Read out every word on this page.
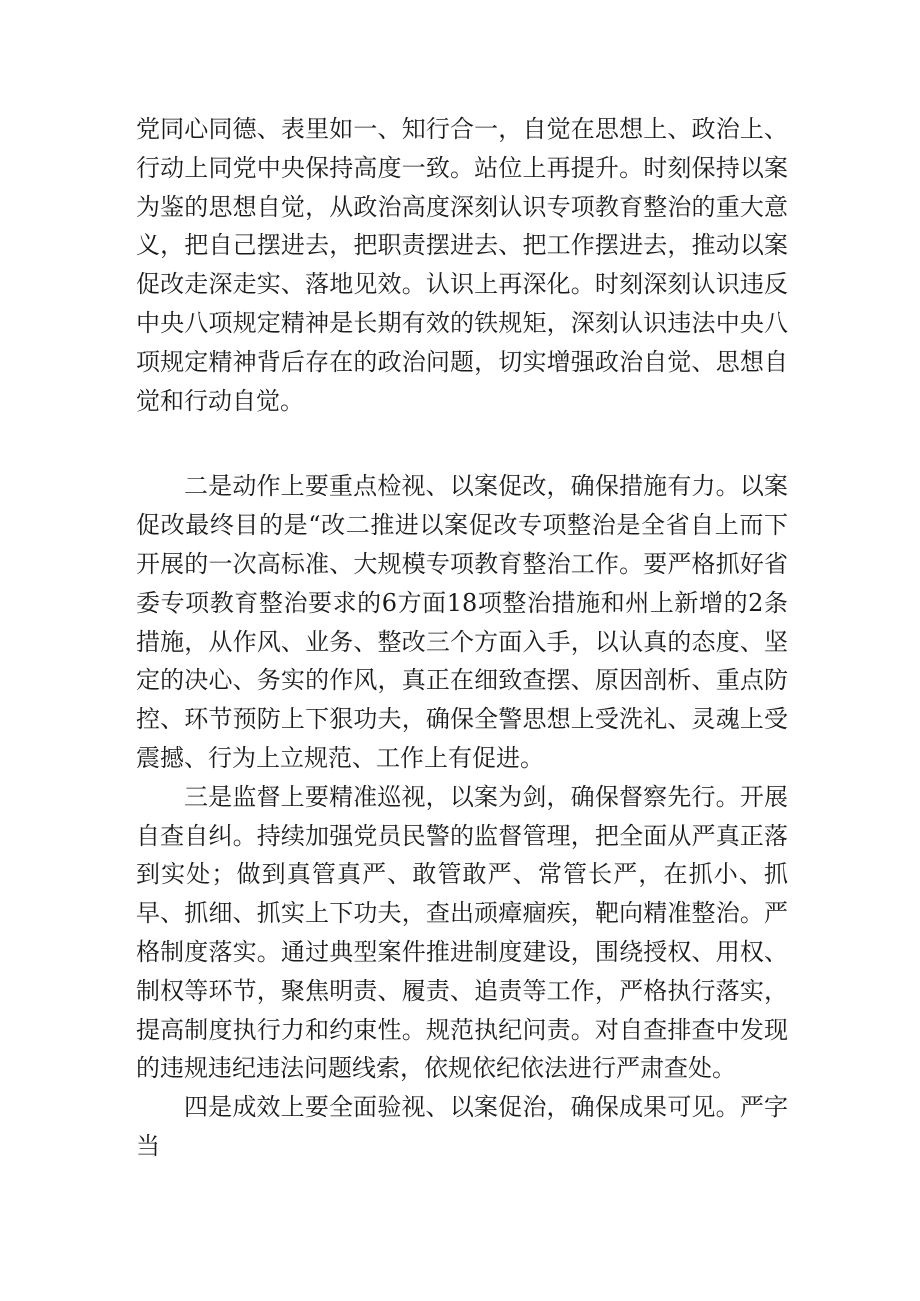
党同心同德、表里如一、知行合一，自觉在思想上、政治上、行动上同党中央保持高度一致。站位上再提升。时刻保持以案为鉴的思想自觉，从政治高度深刻认识专项教育整治的重大意义，把自己摆进去，把职责摆进去、把工作摆进去，推动以案促改走深走实、落地见效。认识上再深化。时刻深刻认识违反中央八项规定精神是长期有效的铁规矩，深刻认识违法中央八项规定精神背后存在的政治问题，切实增强政治自觉、思想自觉和行动自觉。

二是动作上要重点检视、以案促改，确保措施有力。以案促改最终目的是“改二推进以案促改专项整治是全省自上而下开展的一次高标准、大规模专项教育整治工作。要严格抓好省委专项教育整治要求的6方面18项整治措施和州上新增的2条措施，从作风、业务、整改三个方面入手，以认真的态度、坚定的决心、务实的作风，真正在细致查摆、原因剖析、重点防控、环节预防上下狠功夫，确保全警思想上受洗礼、灵魂上受震撼、行为上立规范、工作上有促进。

三是监督上要精准巡视，以案为剑，确保督察先行。开展自查自纠。持续加强党员民警的监督管理，把全面从严真正落到实处；做到真管真严、敢管敢严、常管长严，在抓小、抓早、抓细、抓实上下功夫，查出顽瘴痼疾，靶向精准整治。严格制度落实。通过典型案件推进制度建设，围绕授权、用权、制权等环节，聚焦明责、履责、追责等工作，严格执行落实，提高制度执行力和约束性。规范执纪问责。对自查排查中发现的违规违纪违法问题线索，依规依纪依法进行严肃查处。

四是成效上要全面验视、以案促治，确保成果可见。严字当
